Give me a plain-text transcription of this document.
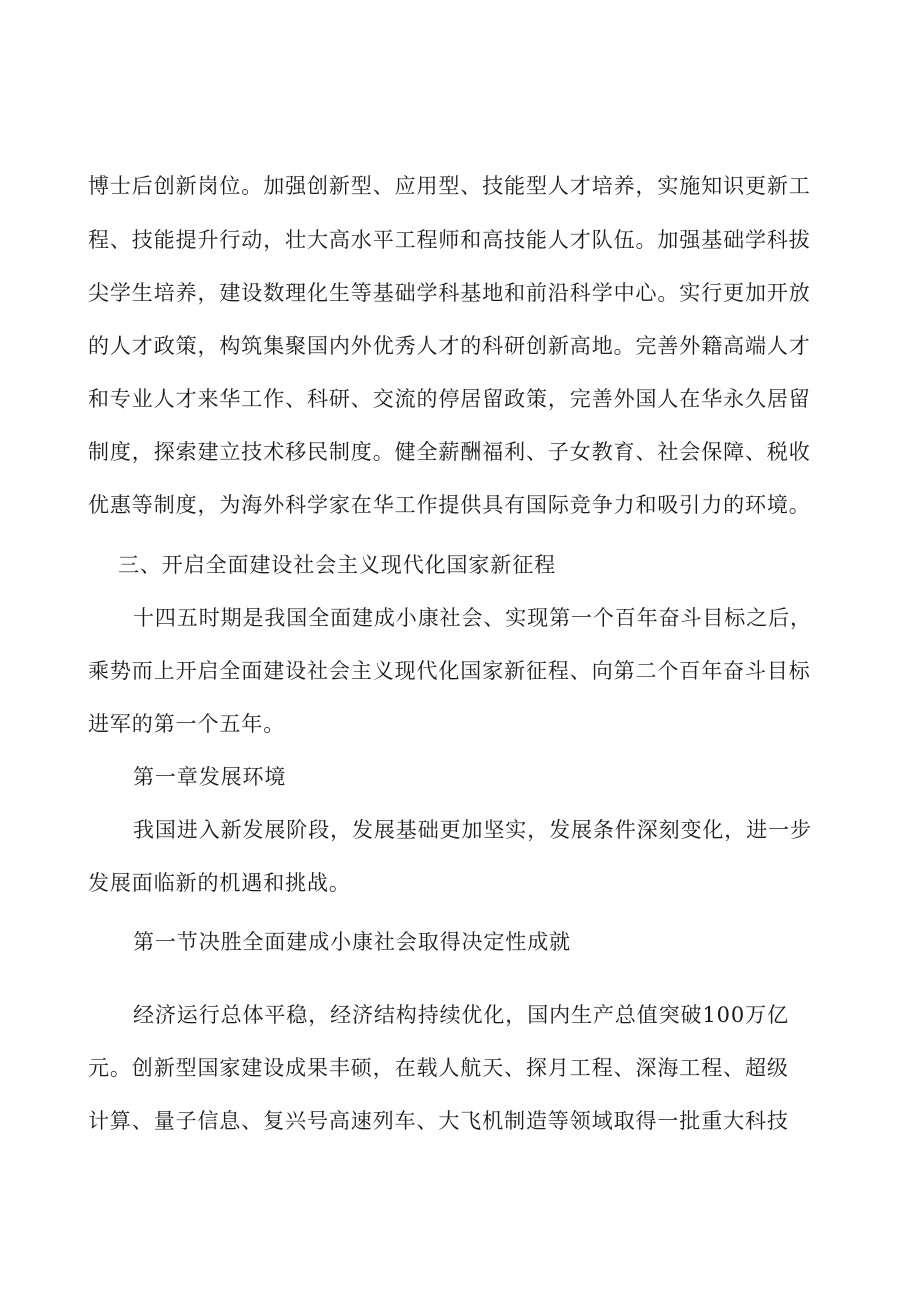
博士后创新岗位。加强创新型、应用型、技能型人才培养，实施知识更新工
程、技能提升行动，壮大高水平工程师和高技能人才队伍。加强基础学科拔
尖学生培养，建设数理化生等基础学科基地和前沿科学中心。实行更加开放
的人才政策，构筑集聚国内外优秀人才的科研创新高地。完善外籍高端人才
和专业人才来华工作、科研、交流的停居留政策，完善外国人在华永久居留
制度，探索建立技术移民制度。健全薪酬福利、子女教育、社会保障、税收
优惠等制度，为海外科学家在华工作提供具有国际竞争力和吸引力的环境。
三、开启全面建设社会主义现代化国家新征程
十四五时期是我国全面建成小康社会、实现第一个百年奋斗目标之后，
乘势而上开启全面建设社会主义现代化国家新征程、向第二个百年奋斗目标
进军的第一个五年。
第一章发展环境
我国进入新发展阶段，发展基础更加坚实，发展条件深刻变化，进一步
发展面临新的机遇和挑战。
第一节决胜全面建成小康社会取得决定性成就
经济运行总体平稳，经济结构持续优化，国内生产总值突破100万亿
元。创新型国家建设成果丰硕，在载人航天、探月工程、深海工程、超级
计算、量子信息、复兴号高速列车、大飞机制造等领域取得一批重大科技
